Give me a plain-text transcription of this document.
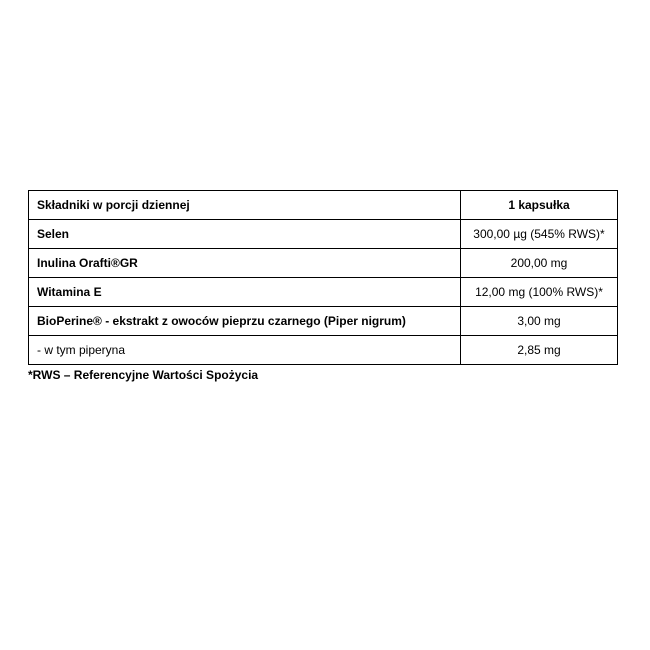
Składniki w porcji dziennej	1 kapsułka
Selen	300,00 µg (545% RWS)*
Inulina Orafti®GR	200,00 mg
Witamina E	12,00 mg (100% RWS)*
BioPerine® - ekstrakt z owoców pieprzu czarnego (Piper nigrum)	3,00 mg
- w tym piperyna	2,85 mg
*RWS – Referencyjne Wartości Spożycia
